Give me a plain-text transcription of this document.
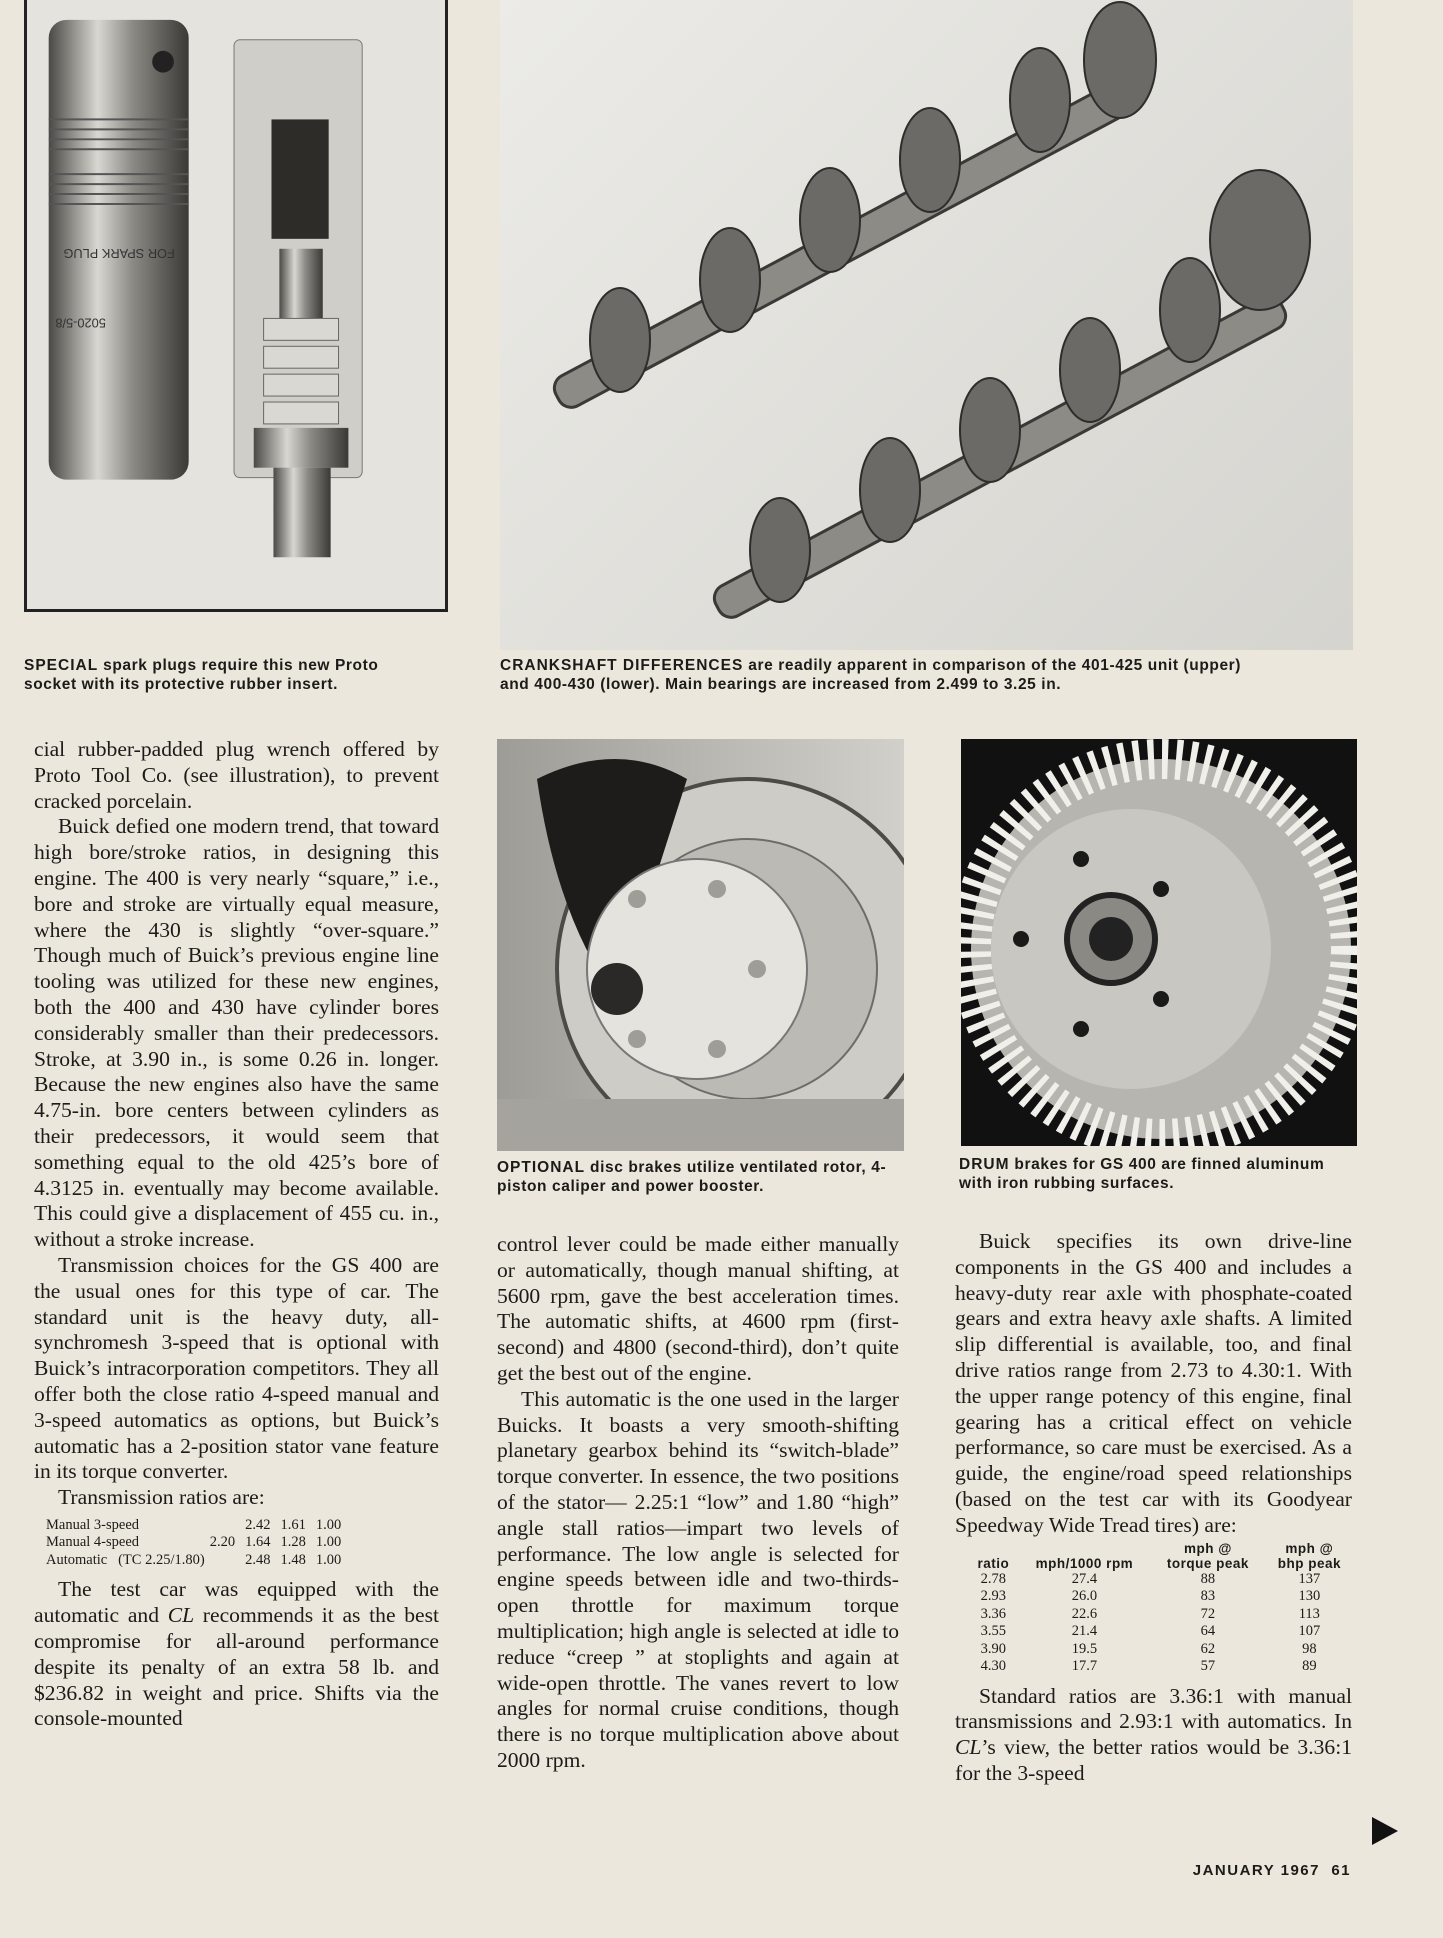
FOR SPARK PLUG
5020-5/8
SPECIAL spark plugs require this new Proto socket with its protective rubber insert.
CRANKSHAFT DIFFERENCES are readily apparent in comparison of the 401-425 unit (upper) and 400-430 (lower). Main bearings are increased from 2.499 to 3.25 in.
OPTIONAL disc brakes utilize ventilated rotor, 4-piston caliper and power booster.
DRUM brakes for GS 400 are finned aluminum with iron rubbing surfaces.

cial rubber-padded plug wrench offered by Proto Tool Co. (see illustration), to prevent cracked porcelain.

Buick defied one modern trend, that toward high bore/stroke ratios, in designing this engine. The 400 is very nearly “square,” i.e., bore and stroke are virtually equal measure, where the 430 is slightly “over-square.” Though much of Buick’s previous engine line tooling was utilized for these new engines, both the 400 and 430 have cylinder bores considerably smaller than their predecessors. Stroke, at 3.90 in., is some 0.26 in. longer. Because the new engines also have the same 4.75-in. bore centers between cylinders as their predecessors, it would seem that something equal to the old 425’s bore of 4.3125 in. eventually may become available. This could give a displacement of 455 cu. in., without a stroke increase.

Transmission choices for the GS 400 are the usual ones for this type of car. The standard unit is the heavy duty, all-synchromesh 3-speed that is optional with Buick’s intracorporation competitors. They all offer both the close ratio 4-speed manual and 3-speed automatics as options, but Buick’s automatic has a 2-position stator vane feature in its torque converter.

Transmission ratios are:

Manual 3-speed		2.42	1.61	1.00
Manual 4-speed	2.20	1.64	1.28	1.00
Automatic (TC 2.25/1.80)		2.48	1.48	1.00

The test car was equipped with the automatic and CL recommends it as the best compromise for all-around performance despite its penalty of an extra 58 lb. and $236.82 in weight and price. Shifts via the console-mounted

control lever could be made either manually or automatically, though manual shifting, at 5600 rpm, gave the best acceleration times. The automatic shifts, at 4600 rpm (first-second) and 4800 (second-third), don’t quite get the best out of the engine.

This automatic is the one used in the larger Buicks. It boasts a very smooth-shifting planetary gearbox behind its “switch-blade” torque converter. In essence, the two positions of the stator— 2.25:1 “low” and 1.80 “high” angle stall ratios—impart two levels of performance. The low angle is selected for engine speeds between idle and two-thirds-open throttle for maximum torque multiplication; high angle is selected at idle to reduce “creep ” at stoplights and again at wide-open throttle. The vanes revert to low angles for normal cruise conditions, though there is no torque multiplication above about 2000 rpm.

Buick specifies its own drive-line components in the GS 400 and includes a heavy-duty rear axle with phosphate-coated gears and extra heavy axle shafts. A limited slip differential is available, too, and final drive ratios range from 2.73 to 4.30:1. With the upper range potency of this engine, final gearing has a critical effect on vehicle performance, so care must be exercised. As a guide, the engine/road speed relationships (based on the test car with its Goodyear Speedway Wide Tread tires) are:

		mph @	mph @
ratio	mph/1000 rpm	torque peak	bhp peak
2.78	27.4	88	137
2.93	26.0	83	130
3.36	22.6	72	113
3.55	21.4	64	107
3.90	19.5	62	98
4.30	17.7	57	89

Standard ratios are 3.36:1 with manual transmissions and 2.93:1 with automatics. In CL’s view, the better ratios would be 3.36:1 for the 3-speed

JANUARY 1967 61
